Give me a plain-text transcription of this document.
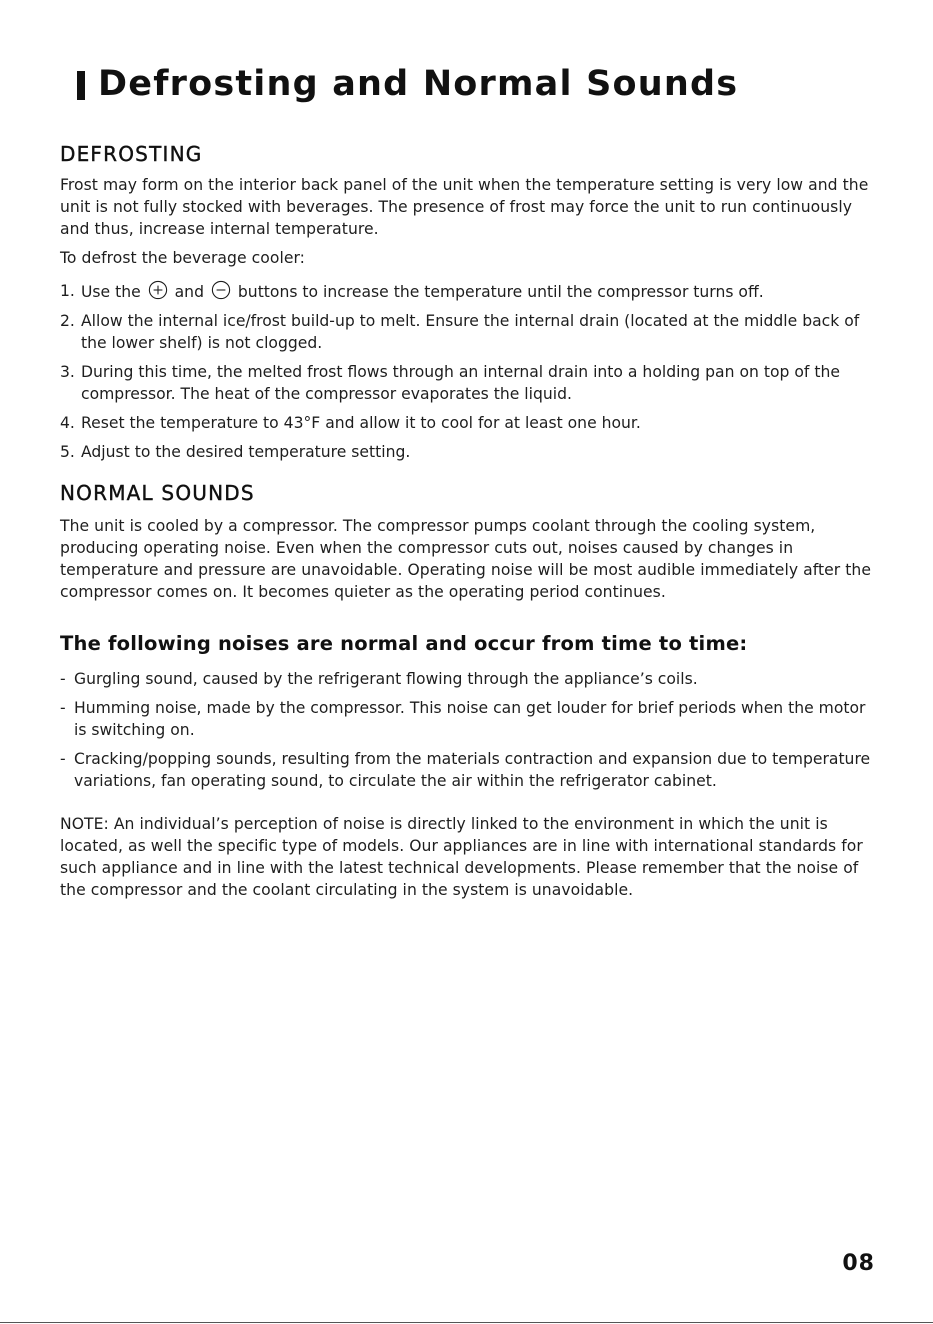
Defrosting and Normal Sounds
DEFROSTING

Frost may form on the interior back panel of the unit when the temperature setting is very low and the unit is not fully stocked with beverages. The presence of frost may force the unit to run continuously and thus, increase internal temperature.

To defrost the beverage cooler:

1. Use the and buttons to increase the temperature until the compressor turns off.
2. Allow the internal ice/frost build-up to melt. Ensure the internal drain (located at the middle back of the lower shelf) is not clogged.
3. During this time, the melted frost flows through an internal drain into a holding pan on top of the compressor. The heat of the compressor evaporates the liquid.
4. Reset the temperature to 43°F and allow it to cool for at least one hour.
5. Adjust to the desired temperature setting.
NORMAL SOUNDS

The unit is cooled by a compressor. The compressor pumps coolant through the cooling system, producing operating noise. Even when the compressor cuts out, noises caused by changes in temperature and pressure are unavoidable. Operating noise will be most audible immediately after the compressor comes on. It becomes quieter as the operating period continues.

The following noises are normal and occur from time to time:
- Gurgling sound, caused by the refrigerant flowing through the appliance’s coils.
- Humming noise, made by the compressor. This noise can get louder for brief periods when the motor is switching on.
- Cracking/popping sounds, resulting from the materials contraction and expansion due to temperature variations, fan operating sound, to circulate the air within the refrigerator cabinet.

NOTE: An individual’s perception of noise is directly linked to the environment in which the unit is located, as well the specific type of models. Our appliances are in line with international standards for such appliance and in line with the latest technical developments. Please remember that the noise of the compressor and the coolant circulating in the system is unavoidable.

08
